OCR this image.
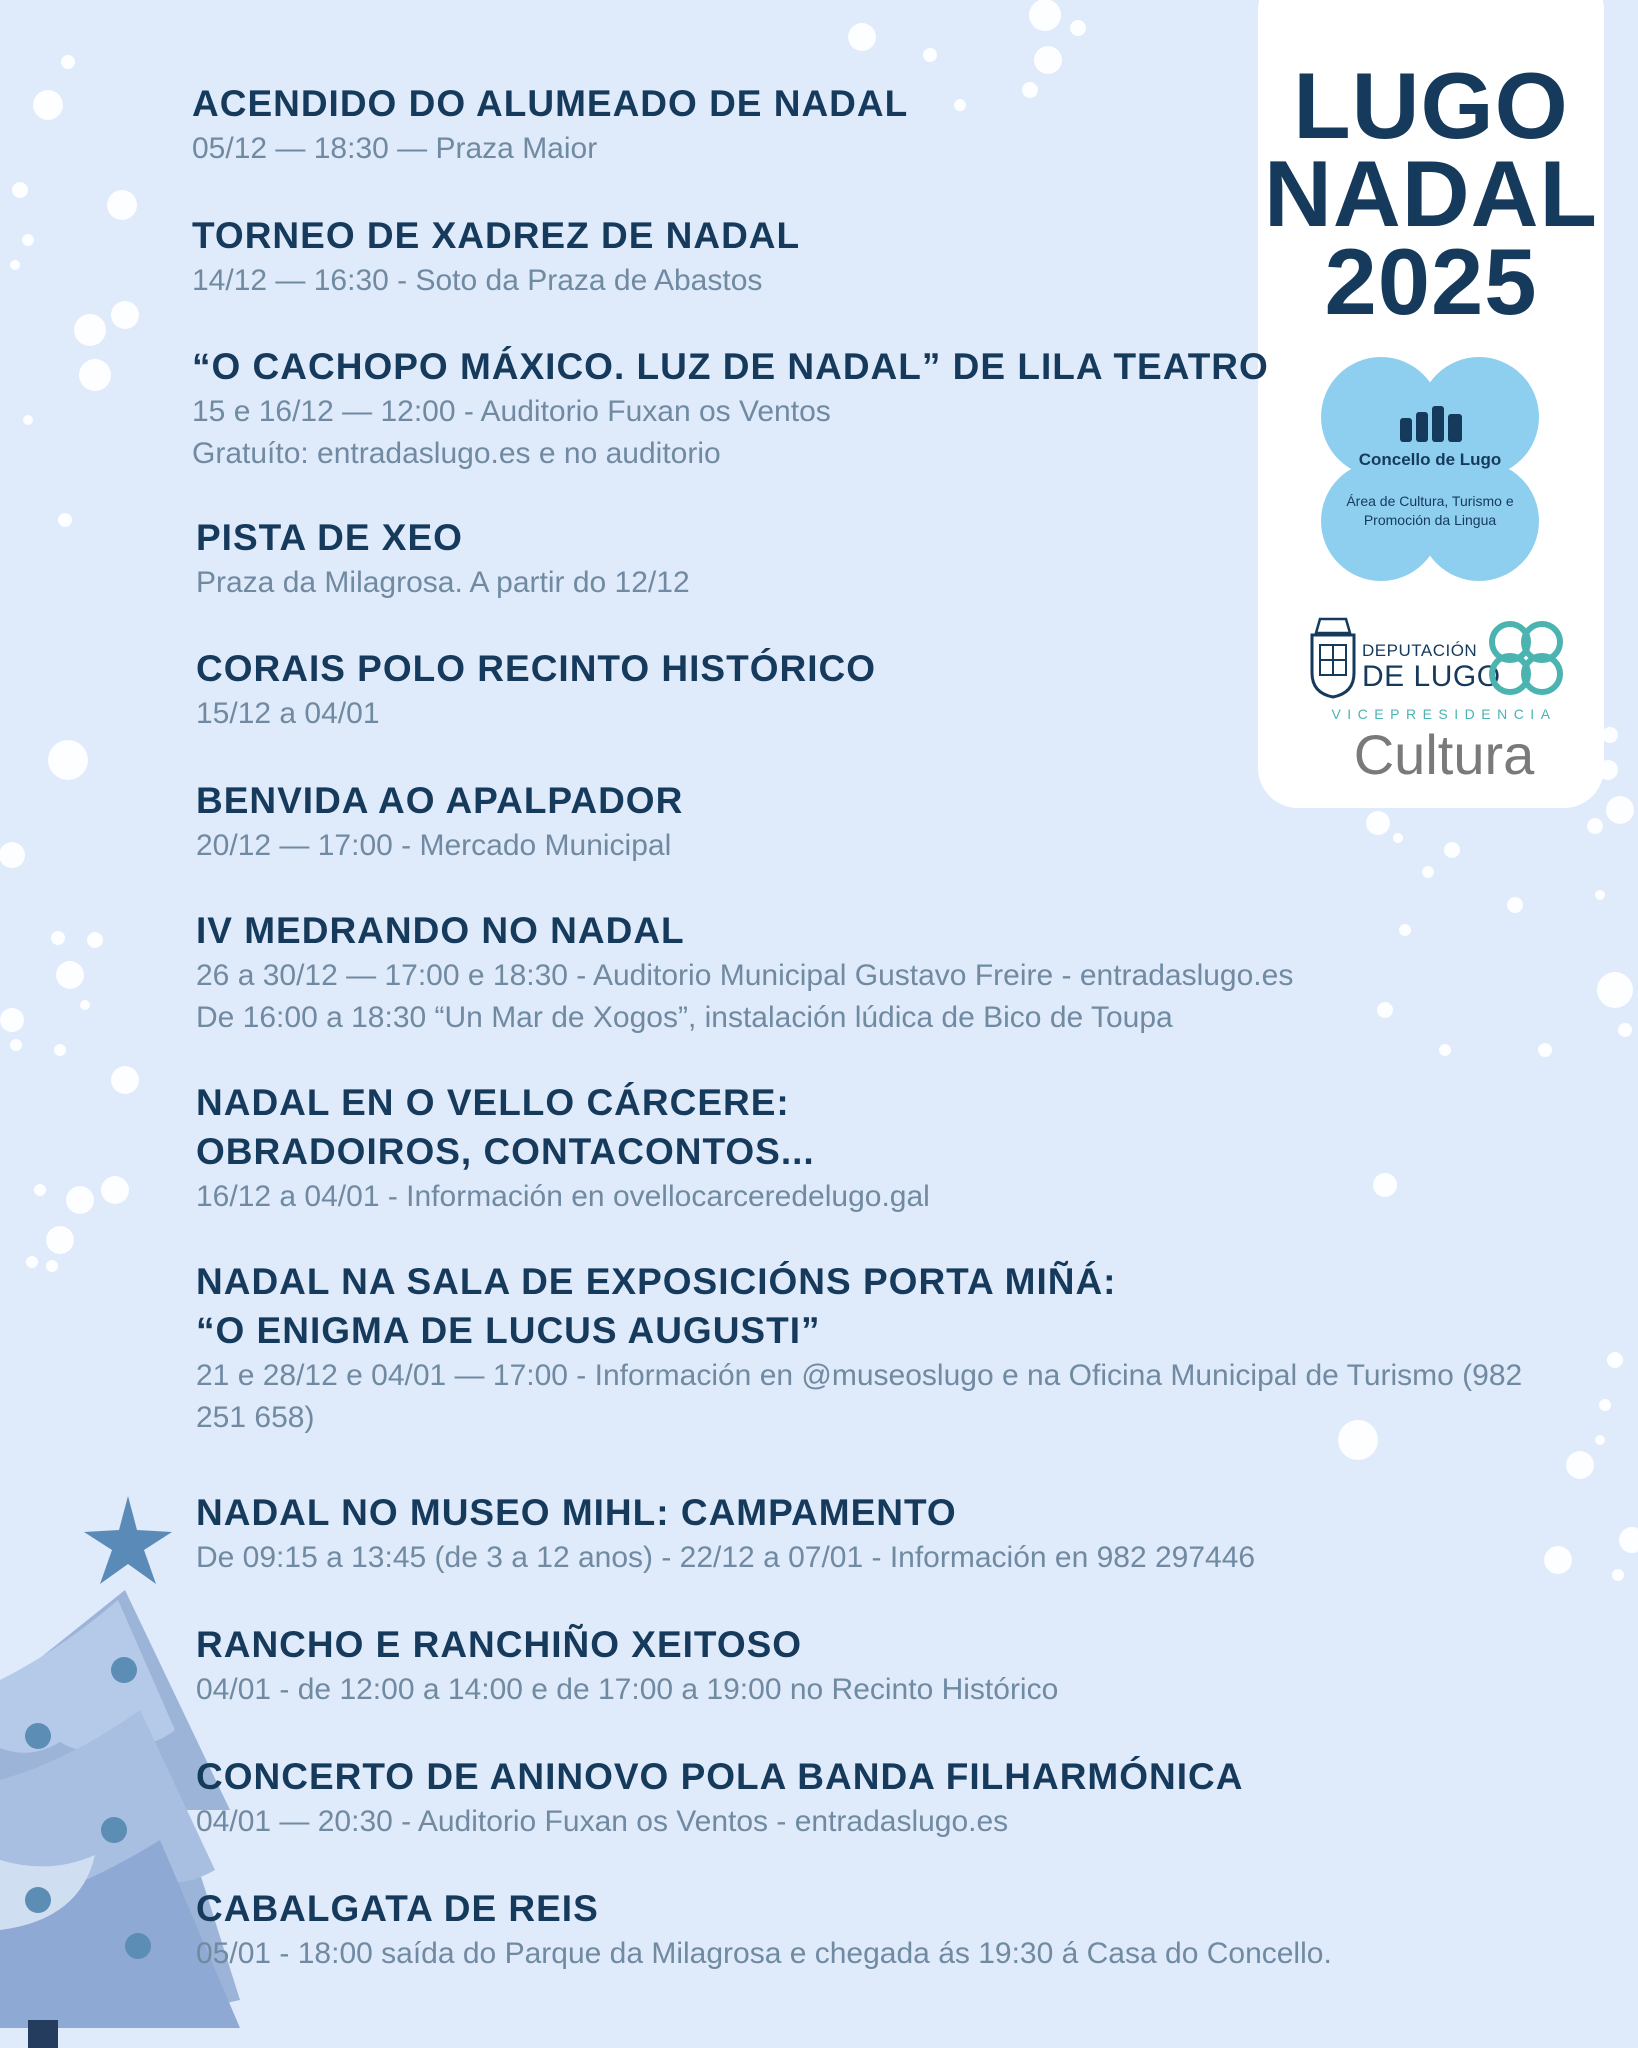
LUGO

NADAL

2025

Concello de Lugo
Área de Cultura, Turismo e Promoción da Lingua
DEPUTACIÓN
DE LUGO
VICEPRESIDENCIA
Cultura

ACENDIDO DO ALUMEADO DE NADAL

05/12 — 18:30 — Praza Maior

TORNEO DE XADREZ DE NADAL

14/12 — 16:30 - Soto da Praza de Abastos

“O CACHOPO MÁXICO. LUZ DE NADAL” DE LILA TEATRO

15 e 16/12 — 12:00 - Auditorio Fuxan os Ventos

Gratuíto: entradaslugo.es e no auditorio

PISTA DE XEO

Praza da Milagrosa. A partir do 12/12

CORAIS POLO RECINTO HISTÓRICO

15/12 a 04/01

BENVIDA AO APALPADOR

20/12 — 17:00 - Mercado Municipal

IV MEDRANDO NO NADAL

26 a 30/12 — 17:00 e 18:30 - Auditorio Municipal Gustavo Freire - entradaslugo.es

De 16:00 a 18:30 “Un Mar de Xogos”, instalación lúdica de Bico de Toupa

NADAL EN O VELLO CÁRCERE:

OBRADOIROS, CONTACONTOS...

16/12 a 04/01 - Información en ovellocarceredelugo.gal

NADAL NA SALA DE EXPOSICIÓNS PORTA MIÑÁ:

“O ENIGMA DE LUCUS AUGUSTI”

21 e 28/12 e 04/01 — 17:00 - Información en @museoslugo e na Oficina Municipal de Turismo (982 251 658)

NADAL NO MUSEO MIHL: CAMPAMENTO

De 09:15 a 13:45 (de 3 a 12 anos) - 22/12 a 07/01 - Información en 982 297446

RANCHO E RANCHIÑO XEITOSO

04/01 - de 12:00 a 14:00 e de 17:00 a 19:00 no Recinto Histórico

CONCERTO DE ANINOVO POLA BANDA FILHARMÓNICA

04/01 — 20:30 - Auditorio Fuxan os Ventos - entradaslugo.es

CABALGATA DE REIS

05/01 - 18:00 saída do Parque da Milagrosa e chegada ás 19:30 á Casa do Concello.
